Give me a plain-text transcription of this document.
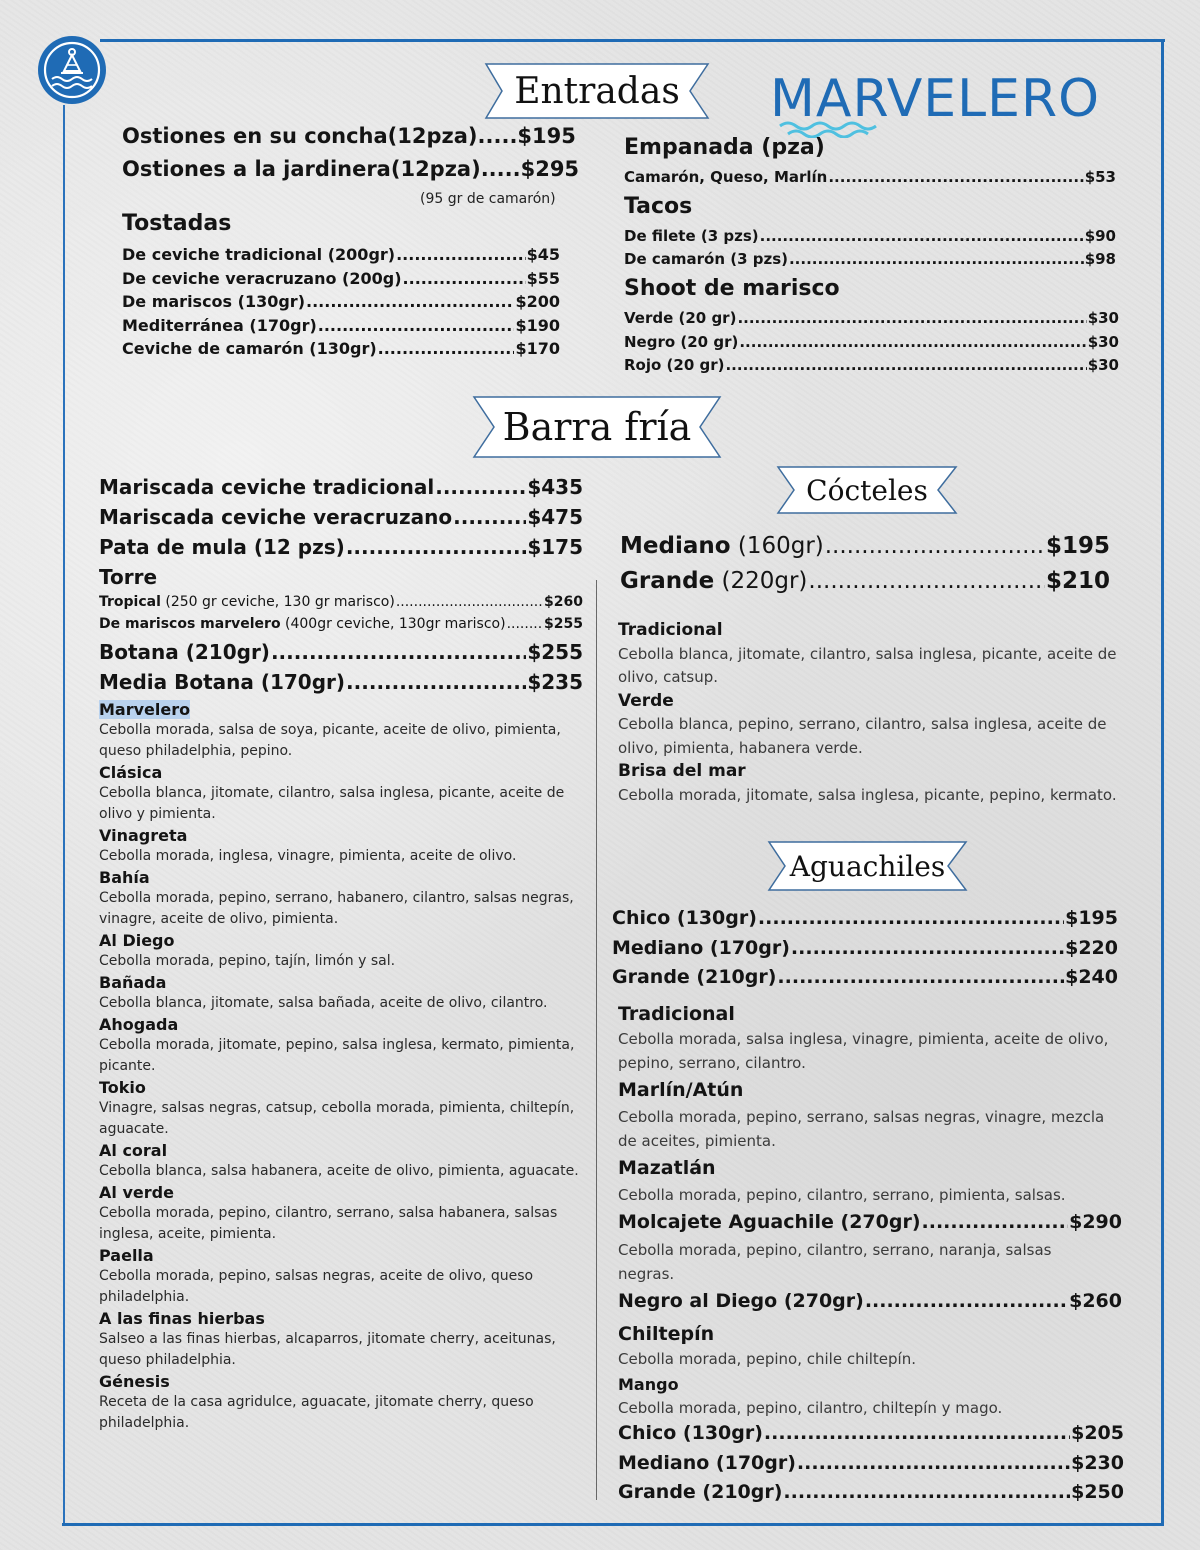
MARVELERO
Entradas
Ostiones en su concha(12pza) ..... $195
Ostiones a la jardinera(12pza) ..... $295
(95 gr de camarón)
Tostadas
De ceviche tradicional (200gr) .....	$45
De ceviche veracruzano (200g) .....	$55
De mariscos (130gr) .....	$200
Mediterránea (170gr) .....	$190
Ceviche de camarón (130gr) .....	$170
Empanada (pza)
Camarón, Queso, Marlín .....	$53
Tacos
De filete (3 pzs) .....	$90
De camarón (3 pzs) .....	$98
Shoot de marisco
Verde (20 gr) .....	$30
Negro (20 gr) .....	$30
Rojo (20 gr) .....	$30
Barra fría
Mariscada ceviche tradicional .....	$435
Mariscada ceviche veracruzano .....	$475
Pata de mula (12 pzs) .....	$175
Torre
Tropical (250 gr ceviche, 130 gr marisco) .....	$260
De mariscos marvelero (400gr ceviche, 130gr marisco) .....	$255
Botana (210gr) .....	$255
Media Botana (170gr) .....	$235
Marvelero
Cebolla morada, salsa de soya, picante, aceite de olivo, pimienta, queso philadelphia, pepino.
Clásica
Cebolla blanca, jitomate, cilantro, salsa inglesa, picante, aceite de olivo y pimienta.
Vinagreta
Cebolla morada, inglesa, vinagre, pimienta, aceite de olivo.
Bahía
Cebolla morada, pepino, serrano, habanero, cilantro, salsas negras, vinagre, aceite de olivo, pimienta.
Al Diego
Cebolla morada, pepino, tajín, limón y sal.
Bañada
Cebolla blanca, jitomate, salsa bañada, aceite de olivo, cilantro.
Ahogada
Cebolla morada, jitomate, pepino, salsa inglesa, kermato, pimienta, picante.
Tokio
Vinagre, salsas negras, catsup, cebolla morada, pimienta, chiltepín, aguacate.
Al coral
Cebolla blanca, salsa habanera, aceite de olivo, pimienta, aguacate.
Al verde
Cebolla morada, pepino, cilantro, serrano, salsa habanera, salsas inglesa, aceite, pimienta.
Paella
Cebolla morada, pepino, salsas negras, aceite de olivo, queso philadelphia.
A las finas hierbas
Salseo a las finas hierbas, alcaparros, jitomate cherry, aceitunas, queso philadelphia.
Génesis
Receta de la casa agridulce, aguacate, jitomate cherry, queso philadelphia.
Cócteles
Mediano (160gr) .....	$195
Grande (220gr) .....	$210
Tradicional
Cebolla blanca, jitomate, cilantro, salsa inglesa, picante, aceite de olivo, catsup.
Verde
Cebolla blanca, pepino, serrano, cilantro, salsa inglesa, aceite de olivo, pimienta, habanera verde.
Brisa del mar
Cebolla morada, jitomate, salsa inglesa, picante, pepino, kermato.
Aguachiles
Chico (130gr) .....	$195
Mediano (170gr) .....	$220
Grande (210gr) .....	$240
Tradicional
Cebolla morada, salsa inglesa, vinagre, pimienta, aceite de olivo, pepino, serrano, cilantro.
Marlín/Atún
Cebolla morada, pepino, serrano, salsas negras, vinagre, mezcla de aceites, pimienta.
Mazatlán
Cebolla morada, pepino, cilantro, serrano, pimienta, salsas.
Molcajete Aguachile (270gr) .....	$290
Cebolla morada, pepino, cilantro, serrano, naranja, salsas negras.
Negro al Diego (270gr) .....	$260
Chiltepín
Cebolla morada, pepino, chile chiltepín.
Mango
Cebolla morada, pepino, cilantro, chiltepín y mago.
Chico (130gr) .....	$205
Mediano (170gr) .....	$230
Grande (210gr) .....	$250
